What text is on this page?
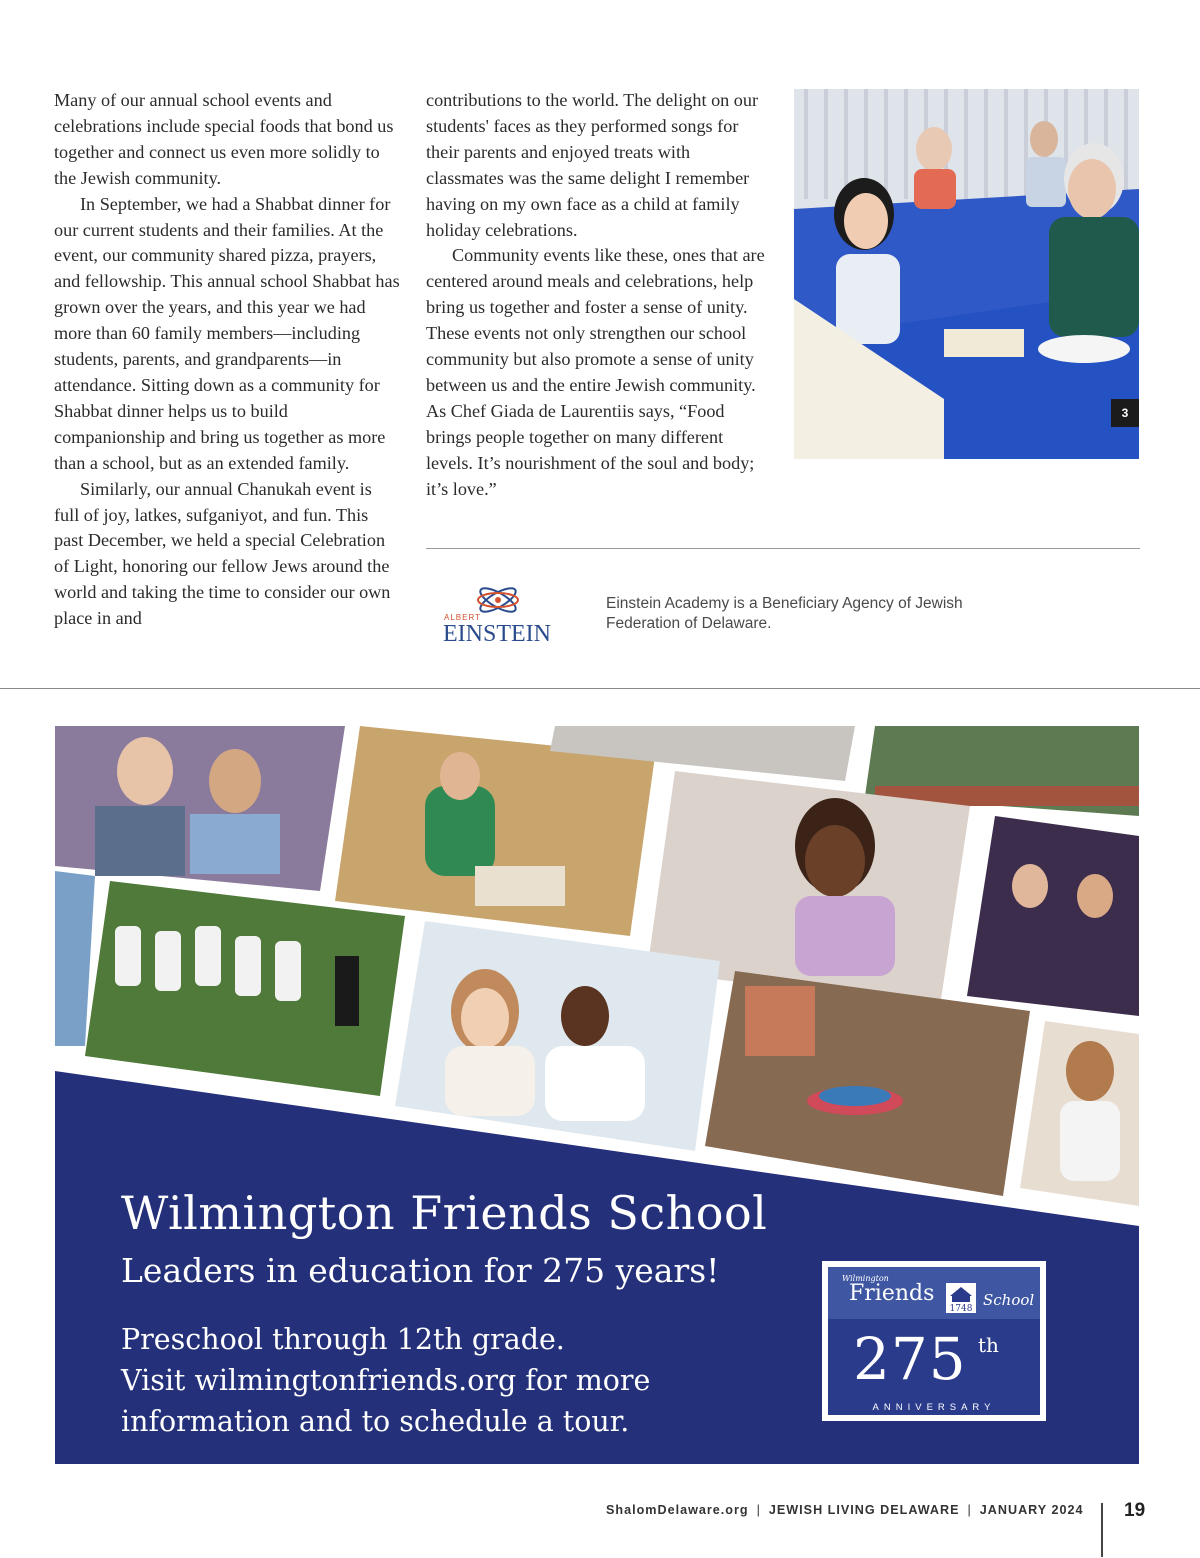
Many of our annual school events and celebrations include special foods that bond us together and connect us even more solidly to the Jewish community.

In September, we had a Shabbat dinner for our current students and their families. At the event, our community shared pizza, prayers, and fellowship. This annual school Shabbat has grown over the years, and this year we had more than 60 family members—including students, parents, and grandparents—in attendance. Sitting down as a community for Shabbat dinner helps us to build companionship and bring us together as more than a school, but as an extended family.

Similarly, our annual Chanukah event is full of joy, latkes, sufganiyot, and fun. This past December, we held a special Celebration of Light, honoring our fellow Jews around the world and taking the time to consider our own place in and

contributions to the world. The delight on our students' faces as they performed songs for their parents and enjoyed treats with classmates was the same delight I remember having on my own face as a child at family holiday celebrations.

Community events like these, ones that are centered around meals and celebrations, help bring us together and foster a sense of unity. These events not only strengthen our school community but also promote a sense of unity between us and the entire Jewish community. As Chef Giada de Laurentiis says, “Food brings people together on many different levels. It’s nourishment of the soul and body; it’s love.”

3
ALBERT
EINSTEIN
Einstein Academy is a Beneficiary Agency of Jewish Federation of Delaware.
Wilmington Friends School
Leaders in education for 275 years!
Preschool through 12th grade.
Visit wilmingtonfriends.org for more
information and to schedule a tour.
Wilmington
Friends
1748 School
275 th
ANNIVERSARY
ShalomDelaware.org | JEWISH LIVING DELAWARE | JANUARY 2024 19
